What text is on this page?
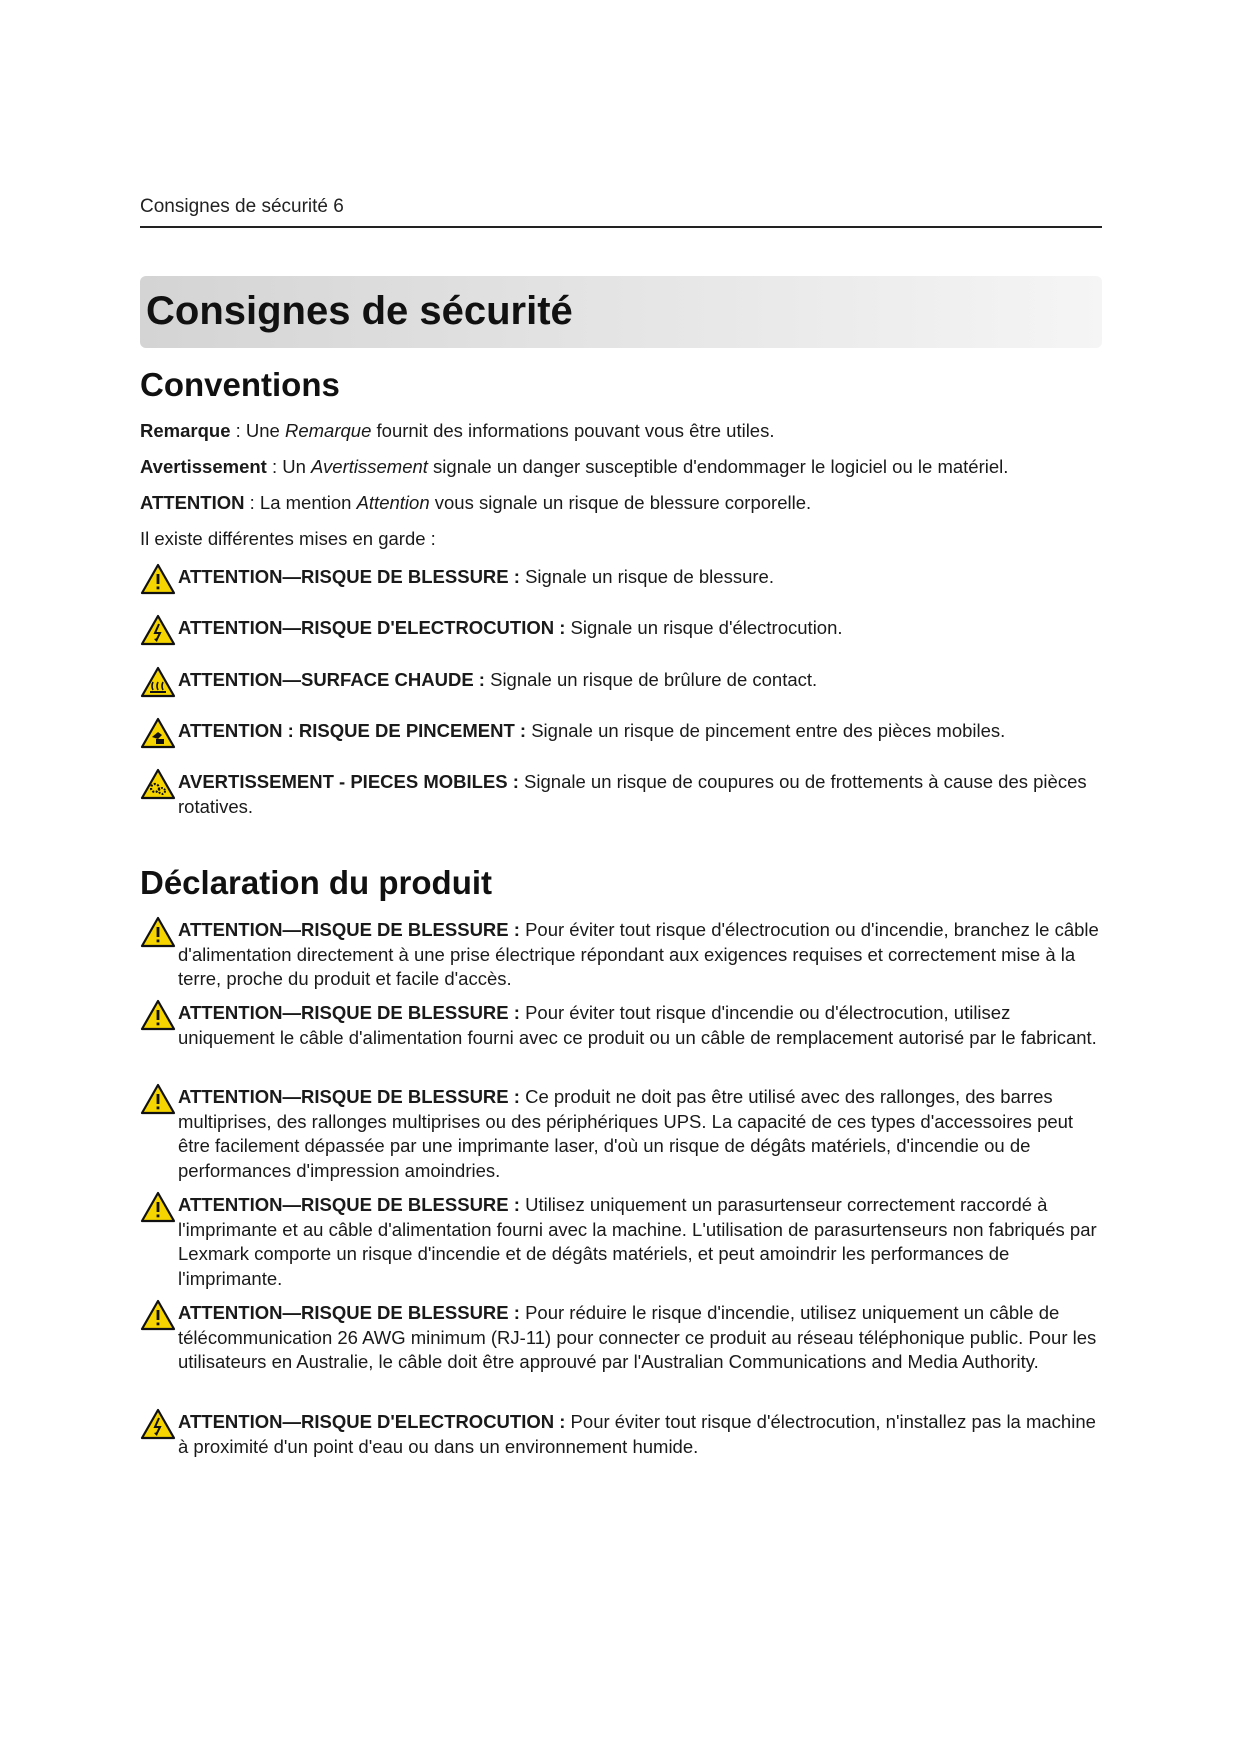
Consignes de sécurité 6
Consignes de sécurité
Conventions

Remarque : Une Remarque fournit des informations pouvant vous être utiles.

Avertissement : Un Avertissement signale un danger susceptible d'endommager le logiciel ou le matériel.

ATTENTION : La mention Attention vous signale un risque de blessure corporelle.

Il existe différentes mises en garde :

ATTENTION—RISQUE DE BLESSURE : Signale un risque de blessure.
ATTENTION—RISQUE D'ELECTROCUTION : Signale un risque d'électrocution.
ATTENTION—SURFACE CHAUDE : Signale un risque de brûlure de contact.
ATTENTION : RISQUE DE PINCEMENT : Signale un risque de pincement entre des pièces mobiles.
AVERTISSEMENT - PIECES MOBILES : Signale un risque de coupures ou de frottements à cause des pièces rotatives.
Déclaration du produit
ATTENTION—RISQUE DE BLESSURE : Pour éviter tout risque d'électrocution ou d'incendie, branchez le câble d'alimentation directement à une prise électrique répondant aux exigences requises et correctement mise à la terre, proche du produit et facile d'accès.
ATTENTION—RISQUE DE BLESSURE : Pour éviter tout risque d'incendie ou d'électrocution, utilisez uniquement le câble d'alimentation fourni avec ce produit ou un câble de remplacement autorisé par le fabricant.
ATTENTION—RISQUE DE BLESSURE : Ce produit ne doit pas être utilisé avec des rallonges, des barres multiprises, des rallonges multiprises ou des périphériques UPS. La capacité de ces types d'accessoires peut être facilement dépassée par une imprimante laser, d'où un risque de dégâts matériels, d'incendie ou de performances d'impression amoindries.
ATTENTION—RISQUE DE BLESSURE : Utilisez uniquement un parasurtenseur correctement raccordé à l'imprimante et au câble d'alimentation fourni avec la machine. L'utilisation de parasurtenseurs non fabriqués par Lexmark comporte un risque d'incendie et de dégâts matériels, et peut amoindrir les performances de l'imprimante.
ATTENTION—RISQUE DE BLESSURE : Pour réduire le risque d'incendie, utilisez uniquement un câble de télécommunication 26 AWG minimum (RJ-11) pour connecter ce produit au réseau téléphonique public. Pour les utilisateurs en Australie, le câble doit être approuvé par l'Australian Communications and Media Authority.
ATTENTION—RISQUE D'ELECTROCUTION : Pour éviter tout risque d'électrocution, n'installez pas la machine à proximité d'un point d'eau ou dans un environnement humide.
